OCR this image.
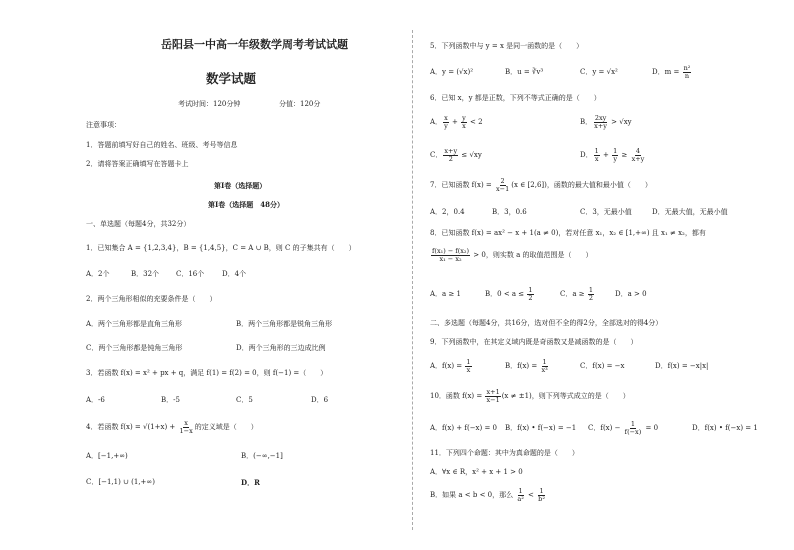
岳阳县一中高一年级数学周考考试试题
数学试题
考试时间：120分钟	分值：120分
注意事项：
1．答题前填写好自己的姓名、班级、考号等信息
2．请将答案正确填写在答题卡上
第I卷（选择题）
第I卷（选择题　48分）
一、单选题（每题4分，共32分）
1．已知集合 A = {1,2,3,4}，B = {1,4,5}，C = A ∪ B，则 C 的子集共有（　　）
A．2个	B．32个 C．16个	D．4个
2．两个三角形相似的充要条件是（　　）
A．两个三角形都是直角三角形	B．两个三角形都是锐角三角形
C．两个三角形都是钝角三角形	D．两个三角形的三边成比例
3．若函数 f(x) = x² + px + q，满足 f(1) = f(2) = 0，则 f(−1) =（　　）
A．-6	B．-5	C．5	D．6
4．若函数 $f(x) = √(1+x) + \frac{x}{1-x}$ 的定义域是（　　）
A．[−1,+∞)	B．(−∞,−1]
C．[−1,1) ∪ (1,+∞)	D．R
5．下列函数中与 y = x 是同一函数的是（　　）
A．y = (√x)²	B．u = ∛v³	C．y = √x²	D．$m = \frac{\text{n²}}{n}$
6．已知 x，y 都是正数，下列不等式正确的是（　　）
A． $\frac{x}{y} + \frac{y}{x} < 2$	B． $\frac{2xy}{x+y} > √xy$
C． $\frac{x+y}{2} \le √xy$	D． $\frac{1}{x} + \frac{1}{y} \ge \frac{4}{x+y}$
7．已知函数 $f(x) = \frac{2}{x-1} (x$ ∈ [2,6])，函数的最大值和最小值（　　）
A．2，0.4	B．3，0.6	C．3，无最小值	D．无最大值，无最小值
8．已知函数 f(x) = ax² − x + 1(a ≠ 0)，若对任意 x₁，x₂ ∈ [1,+∞) 且 x₁ ≠ x₂，都有
$\frac{\text{f(x₁) − f(x₂)}}{\text{x₁ − x₂}} > 0$，则实数 a 的取值范围是（　　）
A．a ≥ 1	B．$0 < a \le \frac{1}{2}$	C．$a \ge \frac{1}{2}$	D．a > 0
二、多选题（每题4分，共16分，选对但不全的得2分，全部选对的得4分）
9．下列函数中，在其定义域内既是奇函数又是减函数的是（　　）
A．$f(x) = \frac{1}{x}$	B．$f(x) = \frac{1}{\text{x³}}$	C．f(x) = −x	D．f(x) = −x|x|
10．函数 $f(x) = \frac{x+1}{x-1} (x \ne \pm 1)$，则下列等式成立的是（　　）
A．f(x) + f(−x) = 0 B．f(x) • f(−x) = −1 C．$f(x) - \frac{1}{f(-x)} = 0$	D．f(x) • f(−x) = 1
11．下列四个命题：其中为真命题的是（　　）
A．∀x ∈ R，x² + x + 1 > 0
B．如果 a < b < 0，那么 $\frac{1}{\text{a²}} < \frac{1}{\text{b²}}$
